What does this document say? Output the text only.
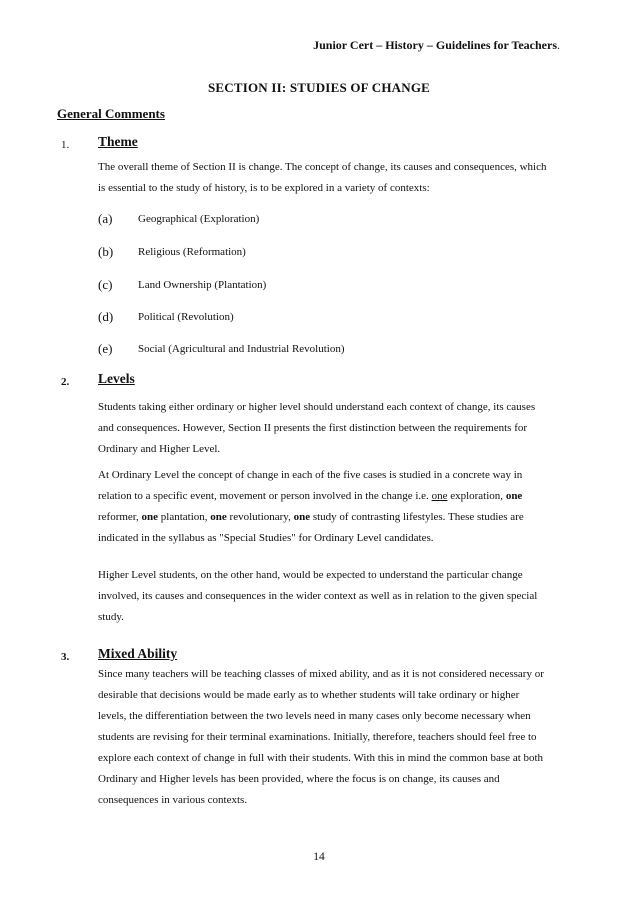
Junior Cert – History – Guidelines for Teachers.
SECTION II: STUDIES OF CHANGE
General Comments
1. Theme
The overall theme of Section II is change. The concept of change, its causes and consequences, which
is essential to the study of history, is to be explored in a variety of contexts:
(a) Geographical (Exploration)
(b) Religious (Reformation)
(c) Land Ownership (Plantation)
(d) Political (Revolution)
(e) Social (Agricultural and Industrial Revolution)
2. Levels
Students taking either ordinary or higher level should understand each context of change, its causes
and consequences. However, Section II presents the first distinction between the requirements for
Ordinary and Higher Level.
At Ordinary Level the concept of change in each of the five cases is studied in a concrete way in
relation to a specific event, movement or person involved in the change i.e. one exploration, one
reformer, one plantation, one revolutionary, one study of contrasting lifestyles. These studies are
indicated in the syllabus as "Special Studies" for Ordinary Level candidates.
Higher Level students, on the other hand, would be expected to understand the particular change
involved, its causes and consequences in the wider context as well as in relation to the given special
study.
3. Mixed Ability
Since many teachers will be teaching classes of mixed ability, and as it is not considered necessary or
desirable that decisions would be made early as to whether students will take ordinary or higher
levels, the differentiation between the two levels need in many cases only become necessary when
students are revising for their terminal examinations. Initially, therefore, teachers should feel free to
explore each context of change in full with their students. With this in mind the common base at both
Ordinary and Higher levels has been provided, where the focus is on change, its causes and
consequences in various contexts.
14
